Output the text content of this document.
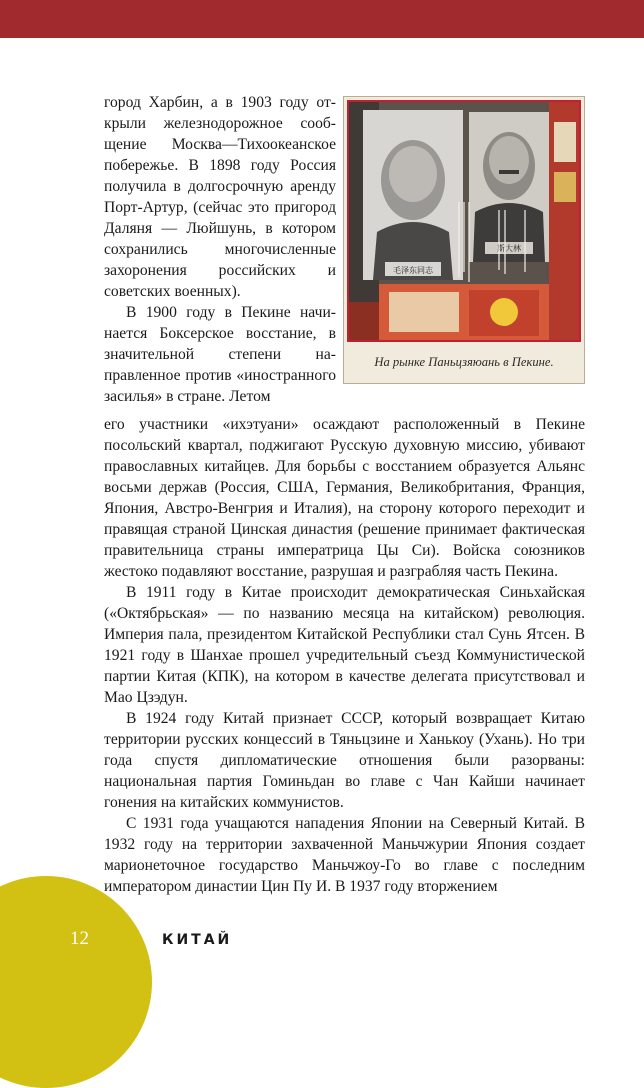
город Харбин, а в 1903 году открыли железнодорожное сообщение Москва—Тихоокеанское побережье. В 1898 году Россия получила в долгосрочную аренду Порт-Артур, (сейчас это пригород Даляня — Люйшунь, в котором сохранились многочисленные захоронения российских и советских военных).

В 1900 году в Пекине начинается Боксерское восстание, в значительной степени направленное против «иностранного засилья» в стране. Летом

毛泽东同志
斯大林
На рынке Паньцзяюань в Пекине.

его участники «ихэтуани» осаждают расположенный в Пекине посольский квартал, поджигают Русскую духовную миссию, убивают православных китайцев. Для борьбы с восстанием образуется Альянс восьми держав (Россия, США, Германия, Великобритания, Франция, Япония, Австро-Венгрия и Италия), на сторону которого переходит и правящая страной Цинская династия (решение принимает фактическая правительница страны императрица Цы Си). Войска союзников жестоко подавляют восстание, разрушая и разграбляя часть Пекина.

В 1911 году в Китае происходит демократическая Синьхайская («Октябрьская» — по названию месяца на китайском) революция. Империя пала, президентом Китайской Республики стал Сунь Ятсен. В 1921 году в Шанхае прошел учредительный съезд Коммунистической партии Китая (КПК), на котором в качестве делегата присутствовал и Мао Цзэдун.

В 1924 году Китай признает СССР, который возвращает Китаю территории русских концессий в Тяньцзине и Ханькоу (Ухань). Но три года спустя дипломатические отношения были разорваны: национальная партия Гоминьдан во главе с Чан Кайши начинает гонения на китайских коммунистов.

С 1931 года учащаются нападения Японии на Северный Китай. В 1932 году на территории захваченной Маньчжурии Япония создает марионеточное государство Маньчжоу-Го во главе с последним императором династии Цин Пу И. В 1937 году вторжением

12	КИТАЙ
